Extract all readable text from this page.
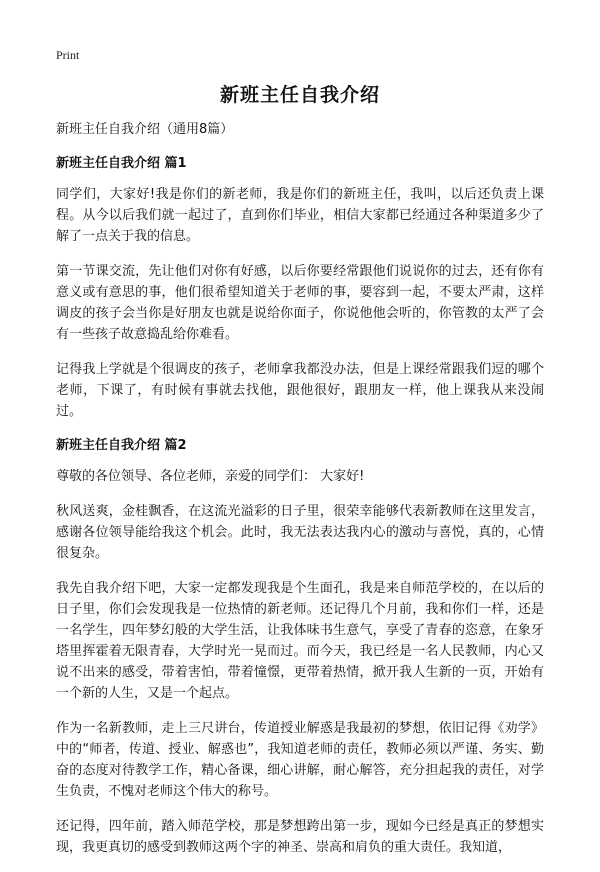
Print
新班主任自我介绍

新班主任自我介绍（通用8篇）

新班主任自我介绍 篇1

同学们，大家好!我是你们的新老师，我是你们的新班主任，我叫，以后还负责上课程。从今以后我们就一起过了，直到你们毕业，相信大家都已经通过各种渠道多少了解了一点关于我的信息。

第一节课交流，先让他们对你有好感，以后你要经常跟他们说说你的过去，还有你有意义或有意思的事，他们很希望知道关于老师的事，要容到一起，不要太严肃，这样调皮的孩子会当你是好朋友也就是说给你面子，你说他他会听的，你管教的太严了会有一些孩子故意捣乱给你难看。

记得我上学就是个很调皮的孩子，老师拿我都没办法，但是上课经常跟我们逗的哪个老师，下课了，有时候有事就去找他，跟他很好，跟朋友一样，他上课我从来没闹过。

新班主任自我介绍 篇2

尊敬的各位领导、各位老师，亲爱的同学们： 大家好!

秋风送爽，金桂飘香，在这流光溢彩的日子里，很荣幸能够代表新教师在这里发言，感谢各位领导能给我这个机会。此时，我无法表达我内心的激动与喜悦，真的，心情很复杂。

我先自我介绍下吧，大家一定都发现我是个生面孔，我是来自师范学校的，在以后的日子里，你们会发现我是一位热情的新老师。还记得几个月前，我和你们一样，还是一名学生，四年梦幻般的大学生活，让我体味书生意气，享受了青春的恣意，在象牙塔里挥霍着无限青春，大学时光一晃而过。而今天，我已经是一名人民教师，内心又说不出来的感受，带着害怕，带着憧憬，更带着热情，掀开我人生新的一页，开始有一个新的人生，又是一个起点。

作为一名新教师，走上三尺讲台，传道授业解惑是我最初的梦想，依旧记得《劝学》中的“师者，传道、授业、解惑也”，我知道老师的责任，教师必须以严谨、务实、勤奋的态度对待教学工作，精心备课，细心讲解，耐心解答，充分担起我的责任，对学生负责，不愧对老师这个伟大的称号。

还记得，四年前，踏入师范学校，那是梦想跨出第一步，现如今已经是真正的梦想实现，我更真切的感受到教师这两个字的神圣、崇高和肩负的重大责任。我知道，
